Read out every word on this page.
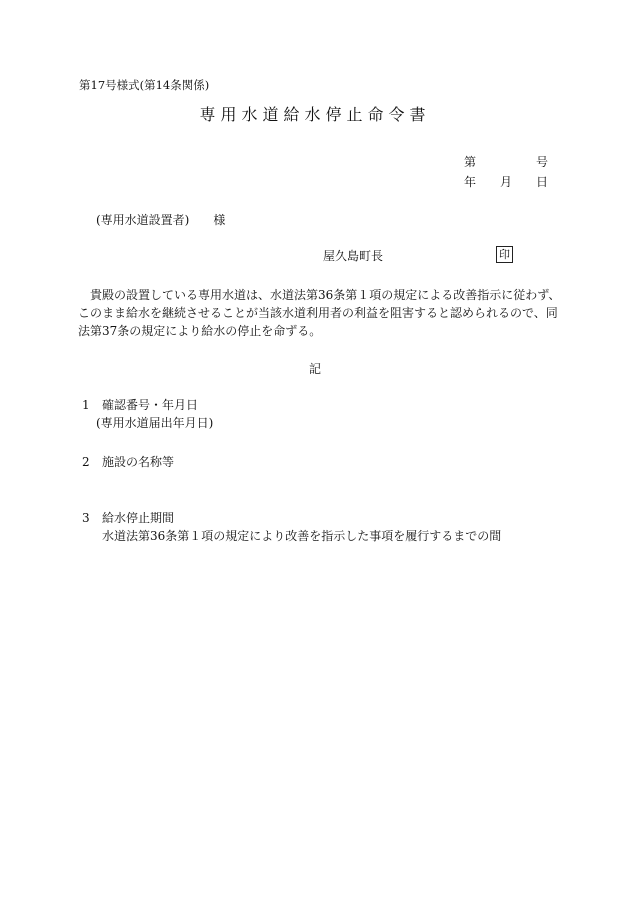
第17号様式(第14条関係)
専用水道給水停止命令書
第	号
年 月 日
(専用水道設置者) 様
屋久島町長	印
貴殿の設置している専用水道は、水道法第36条第１項の規定による改善指示に従わず、
このまま給水を継続させることが当該水道利用者の利益を阻害すると認められるので、同
法第37条の規定により給水の停止を命ずる。
記
1 確認番号・年月日
(専用水道届出年月日)
2 施設の名称等
3 給水停止期間
水道法第36条第１項の規定により改善を指示した事項を履行するまでの間
